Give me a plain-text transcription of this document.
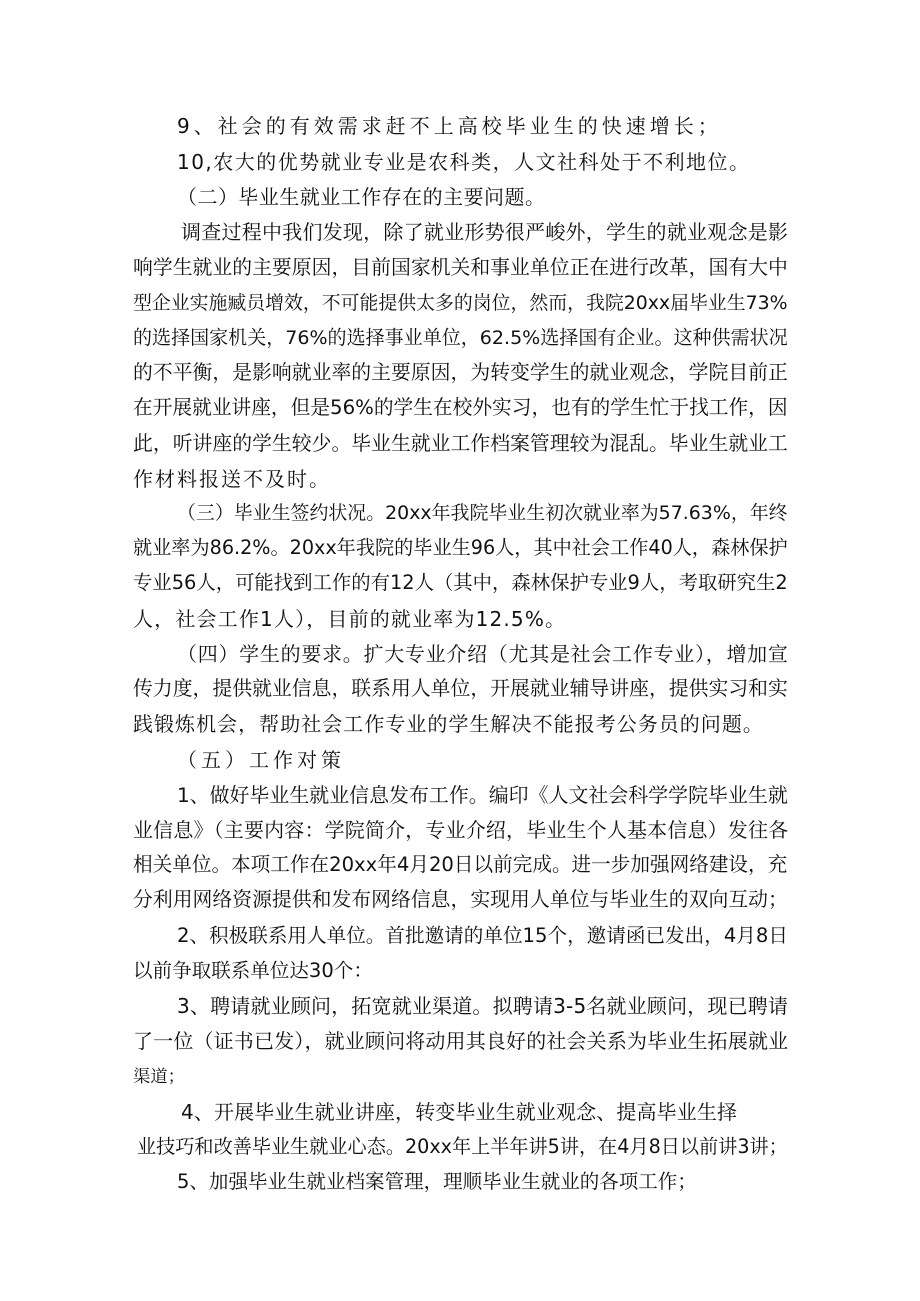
9、社会的有效需求赶不上高校毕业生的快速增长；
10,农大的优势就业专业是农科类，人文社科处于不利地位。
（二）毕业生就业工作存在的主要问题。
调查过程中我们发现，除了就业形势很严峻外，学生的就业观念是影
响学生就业的主要原因，目前国家机关和事业单位正在进行改革，国有大中
型企业实施臧员增效，不可能提供太多的岗位，然而，我院20xx届毕业生73%
的选择国家机关，76%的选择事业单位，62.5%选择国有企业。这种供需状况
的不平衡，是影响就业率的主要原因，为转变学生的就业观念，学院目前正
在开展就业讲座，但是56%的学生在校外实习，也有的学生忙于找工作，因
此，听讲座的学生较少。毕业生就业工作档案管理较为混乱。毕业生就业工
作材料报送不及时。
（三）毕业生签约状况。20xx年我院毕业生初次就业率为57.63%，年终
就业率为86.2%。20xx年我院的毕业生96人，其中社会工作40人，森林保护
专业56人，可能找到工作的有12人（其中，森林保护专业9人，考取研究生2
人，社会工作1人），目前的就业率为12.5%。
（四）学生的要求。扩大专业介绍（尤其是社会工作专业），增加宣
传力度，提供就业信息，联系用人单位，开展就业辅导讲座，提供实习和实
践锻炼机会，帮助社会工作专业的学生解决不能报考公务员的问题。
（五）工作对策
1、做好毕业生就业信息发布工作。编印《人文社会科学学院毕业生就
业信息》（主要内容：学院简介，专业介绍，毕业生个人基本信息）发往各
相关单位。本项工作在20xx年4月20日以前完成。进一步加强网络建设，充
分利用网络资源提供和发布网络信息，实现用人单位与毕业生的双向互动；
2、积极联系用人单位。首批邀请的单位15个，邀请函已发出，4月8日
以前争取联系单位达30个：
3、聘请就业顾问，拓宽就业渠道。拟聘请3-5名就业顾问，现已聘请
了一位（证书已发），就业顾问将动用其良好的社会关系为毕业生拓展就业
渠道；
4、开展毕业生就业讲座，转变毕业生就业观念、提高毕业生择
业技巧和改善毕业生就业心态。20xx年上半年讲5讲，在4月8日以前讲3讲；
5、加强毕业生就业档案管理，理顺毕业生就业的各项工作；
